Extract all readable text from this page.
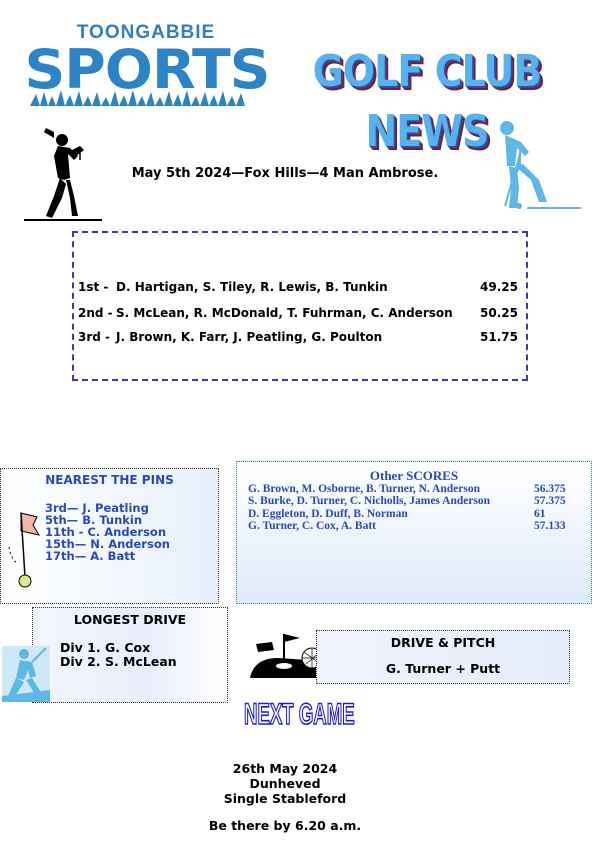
TOONGABBIE
SPORTS GOLF CLUB NEWS
May 5th 2024—Fox Hills—4 Man Ambrose.
1st - D. Hartigan, S. Tiley, R. Lewis, B. Tunkin	49.25
2nd - S. McLean, R. McDonald, T. Fuhrman, C. Anderson 50.25
3rd - J. Brown, K. Farr, J. Peatling, G. Poulton	51.75
NEAREST THE PINS
3rd— J. Peatling
5th— B. Tunkin
11th - C. Anderson
15th— N. Anderson
17th— A. Batt
Other SCORES
G. Brown, M. Osborne, B. Turner, N. Anderson	56.375
S. Burke, D. Turner, C. Nicholls, James Anderson	57.375
D. Eggleton, D. Duff, B. Norman	61
G. Turner, C. Cox, A. Batt	57.133
LONGEST DRIVE
Div 1. G. Cox
Div 2. S. McLean
DRIVE & PITCH
G. Turner + Putt
NEXT GAME
26th May 2024
Dunheved
Single Stableford
Be there by 6.20 a.m.
